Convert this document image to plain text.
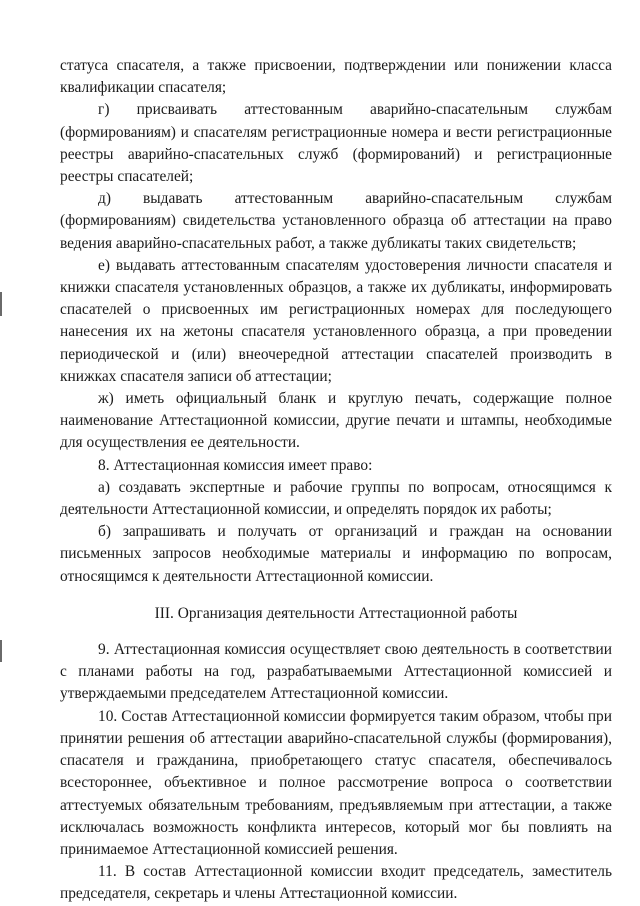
статуса спасателя, а также присвоении, подтверждении или понижении класса квалификации спасателя;

г) присваивать аттестованным аварийно-спасательным службам (формированиям) и спасателям регистрационные номера и вести регистрационные реестры аварийно-спасательных служб (формирований) и регистрационные реестры спасателей;

д) выдавать аттестованным аварийно-спасательным службам (формированиям) свидетельства установленного образца об аттестации на право ведения аварийно-спасательных работ, а также дубликаты таких свидетельств;

е) выдавать аттестованным спасателям удостоверения личности спасателя и книжки спасателя установленных образцов, а также их дубликаты, информировать спасателей о присвоенных им регистрационных номерах для последующего нанесения их на жетоны спасателя установленного образца, а при проведении периодической и (или) внеочередной аттестации спасателей производить в книжках спасателя записи об аттестации;

ж) иметь официальный бланк и круглую печать, содержащие полное наименование Аттестационной комиссии, другие печати и штампы, необходимые для осуществления ее деятельности.

8. Аттестационная комиссия имеет право:

а) создавать экспертные и рабочие группы по вопросам, относящимся к деятельности Аттестационной комиссии, и определять порядок их работы;

б) запрашивать и получать от организаций и граждан на основании письменных запросов необходимые материалы и информацию по вопросам, относящимся к деятельности Аттестационной комиссии.

III. Организация деятельности Аттестационной работы

9. Аттестационная комиссия осуществляет свою деятельность в соответствии с планами работы на год, разрабатываемыми Аттестационной комиссией и утверждаемыми председателем Аттестационной комиссии.

10. Состав Аттестационной комиссии формируется таким образом, чтобы при принятии решения об аттестации аварийно-спасательной службы (формирования), спасателя и гражданина, приобретающего статус спасателя, обеспечивалось всестороннее, объективное и полное рассмотрение вопроса о соответствии аттестуемых обязательным требованиям, предъявляемым при аттестации, а также исключалась возможность конфликта интересов, который мог бы повлиять на принимаемое Аттестационной комиссией решения.

11. В состав Аттестационной комиссии входит председатель, заместитель председателя, секретарь и члены Аттестационной комиссии.
